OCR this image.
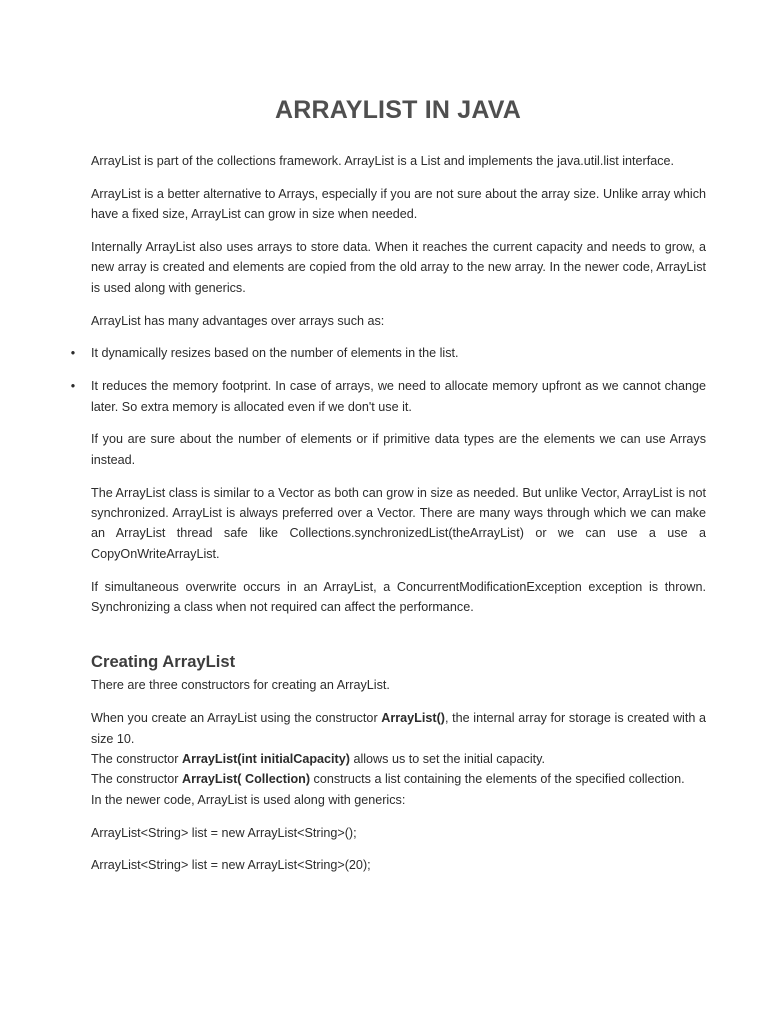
ARRAYLIST IN JAVA

ArrayList is part of the collections framework. ArrayList is a List and implements the java.util.list interface.

ArrayList is a better alternative to Arrays, especially if you are not sure about the array size. Unlike array which have a fixed size, ArrayList can grow in size when needed.

Internally ArrayList also uses arrays to store data. When it reaches the current capacity and needs to grow, a new array is created and elements are copied from the old array to the new array. In the newer code, ArrayList is used along with generics.

ArrayList has many advantages over arrays such as:

• It dynamically resizes based on the number of elements in the list.
• It reduces the memory footprint. In case of arrays, we need to allocate memory upfront as we cannot change later. So extra memory is allocated even if we don't use it.

If you are sure about the number of elements or if primitive data types are the elements we can use Arrays instead.

The ArrayList class is similar to a Vector as both can grow in size as needed. But unlike Vector, ArrayList is not synchronized. ArrayList is always preferred over a Vector. There are many ways through which we can make an ArrayList thread safe like Collections.synchronizedList(theArrayList) or we can use a use a CopyOnWriteArrayList.

If simultaneous overwrite occurs in an ArrayList, a ConcurrentModificationException exception is thrown. Synchronizing a class when not required can affect the performance.

Creating ArrayList

There are three constructors for creating an ArrayList.

When you create an ArrayList using the constructor ArrayList(), the internal array for storage is created with a size 10.

The constructor ArrayList(int initialCapacity) allows us to set the initial capacity.

The constructor ArrayList( Collection) constructs a list containing the elements of the specified collection.

In the newer code, ArrayList is used along with generics:

ArrayList<String> list = new ArrayList<String>();

ArrayList<String> list = new ArrayList<String>(20);
